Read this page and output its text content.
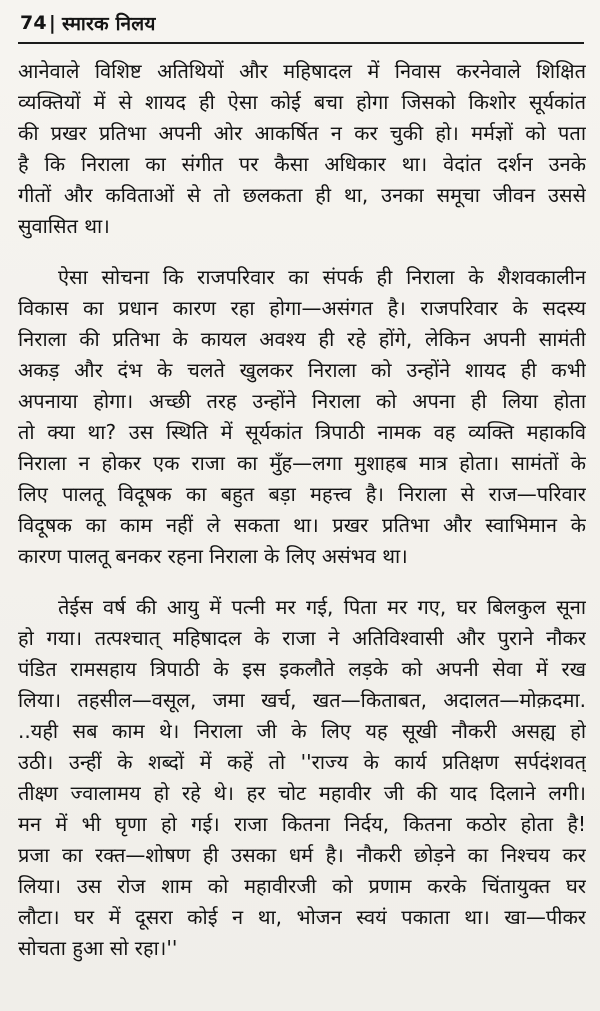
74 | स्मारक निलय
आनेवाले विशिष्ट अतिथियों और महिषादल में निवास करनेवाले शिक्षित
व्यक्तियों में से शायद ही ऐसा कोई बचा होगा जिसको किशोर सूर्यकांत
की प्रखर प्रतिभा अपनी ओर आकर्षित न कर चुकी हो। मर्मज्ञों को पता
है कि निराला का संगीत पर कैसा अधिकार था। वेदांत दर्शन उनके
गीतों और कविताओं से तो छलकता ही था, उनका समूचा जीवन उससे
सुवासित था।
ऐसा सोचना कि राजपरिवार का संपर्क ही निराला के शैशवकालीन
विकास का प्रधान कारण रहा होगा—असंगत है। राजपरिवार के सदस्य
निराला की प्रतिभा के कायल अवश्य ही रहे होंगे, लेकिन अपनी सामंती
अकड़ और दंभ के चलते खुलकर निराला को उन्होंने शायद ही कभी
अपनाया होगा। अच्छी तरह उन्होंने निराला को अपना ही लिया होता
तो क्या था? उस स्थिति में सूर्यकांत त्रिपाठी नामक वह व्यक्ति महाकवि
निराला न होकर एक राजा का मुँह—लगा मुशाहब मात्र होता। सामंतों के
लिए पालतू विदूषक का बहुत बड़ा महत्त्व है। निराला से राज—परिवार
विदूषक का काम नहीं ले सकता था। प्रखर प्रतिभा और स्वाभिमान के
कारण पालतू बनकर रहना निराला के लिए असंभव था।
तेईस वर्ष की आयु में पत्नी मर गई, पिता मर गए, घर बिलकुल सूना
हो गया। तत्पश्चात् महिषादल के राजा ने अतिविश्वासी और पुराने नौकर
पंडित रामसहाय त्रिपाठी के इस इकलौते लड़के को अपनी सेवा में रख
लिया। तहसील—वसूल, जमा खर्च, खत—किताबत, अदालत—मोक़दमा.
..यही सब काम थे। निराला जी के लिए यह सूखी नौकरी असह्य हो
उठी। उन्हीं के शब्दों में कहें तो ''राज्य के कार्य प्रतिक्षण सर्पदंशवत्
तीक्ष्ण ज्वालामय हो रहे थे। हर चोट महावीर जी की याद दिलाने लगी।
मन में भी घृणा हो गई। राजा कितना निर्दय, कितना कठोर होता है!
प्रजा का रक्त—शोषण ही उसका धर्म है। नौकरी छोड़ने का निश्चय कर
लिया। उस रोज शाम को महावीरजी को प्रणाम करके चिंतायुक्त घर
लौटा। घर में दूसरा कोई न था, भोजन स्वयं पकाता था। खा—पीकर
सोचता हुआ सो रहा।''
